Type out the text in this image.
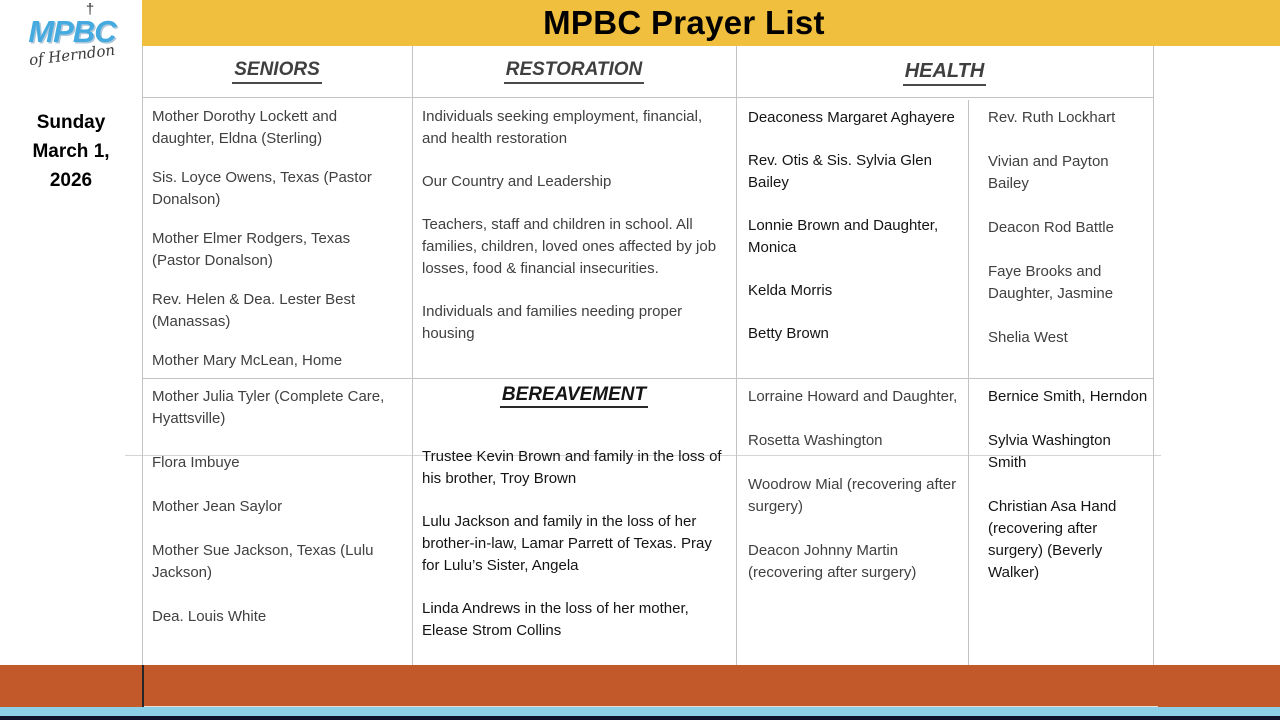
MPBC Prayer List
†
MPBC
of Herndon
Sunday
March 1,
2026
SENIORS	RESTORATION	HEALTH
Mother Dorothy Lockett and daughter, Eldna (Sterling)
Sis. Loyce Owens, Texas (Pastor Donalson)
Mother Elmer Rodgers, Texas (Pastor Donalson)
Rev. Helen & Dea. Lester Best (Manassas)
Mother Mary McLean, Home
Individuals seeking employment, financial, and health restoration
Our Country and Leadership
Teachers, staff and children in school. All families, children, loved ones affected by job losses, food & financial insecurities.
Individuals and families needing proper housing
Deaconess Margaret Aghayere
Rev. Otis & Sis. Sylvia Glen Bailey
Lonnie Brown and Daughter, Monica
Kelda Morris
Betty Brown
Rev. Ruth Lockhart
Vivian and Payton Bailey
Deacon Rod Battle
Faye Brooks and Daughter, Jasmine
Shelia West
Mother Julia Tyler (Complete Care, Hyattsville)
Flora Imbuye
Mother Jean Saylor
Mother Sue Jackson, Texas (Lulu Jackson)
Dea. Louis White
BEREAVEMENT
Trustee Kevin Brown and family in the loss of his brother, Troy Brown
Lulu Jackson and family in the loss of her brother-in-law, Lamar Parrett of Texas. Pray for Lulu’s Sister, Angela
Linda Andrews in the loss of her mother, Elease Strom Collins
Lorraine Howard and Daughter,
Rosetta Washington
Woodrow Mial (recovering after surgery)
Deacon Johnny Martin (recovering after surgery)
Bernice Smith, Herndon
Sylvia Washington Smith
Christian Asa Hand (recovering after surgery) (Beverly Walker)
